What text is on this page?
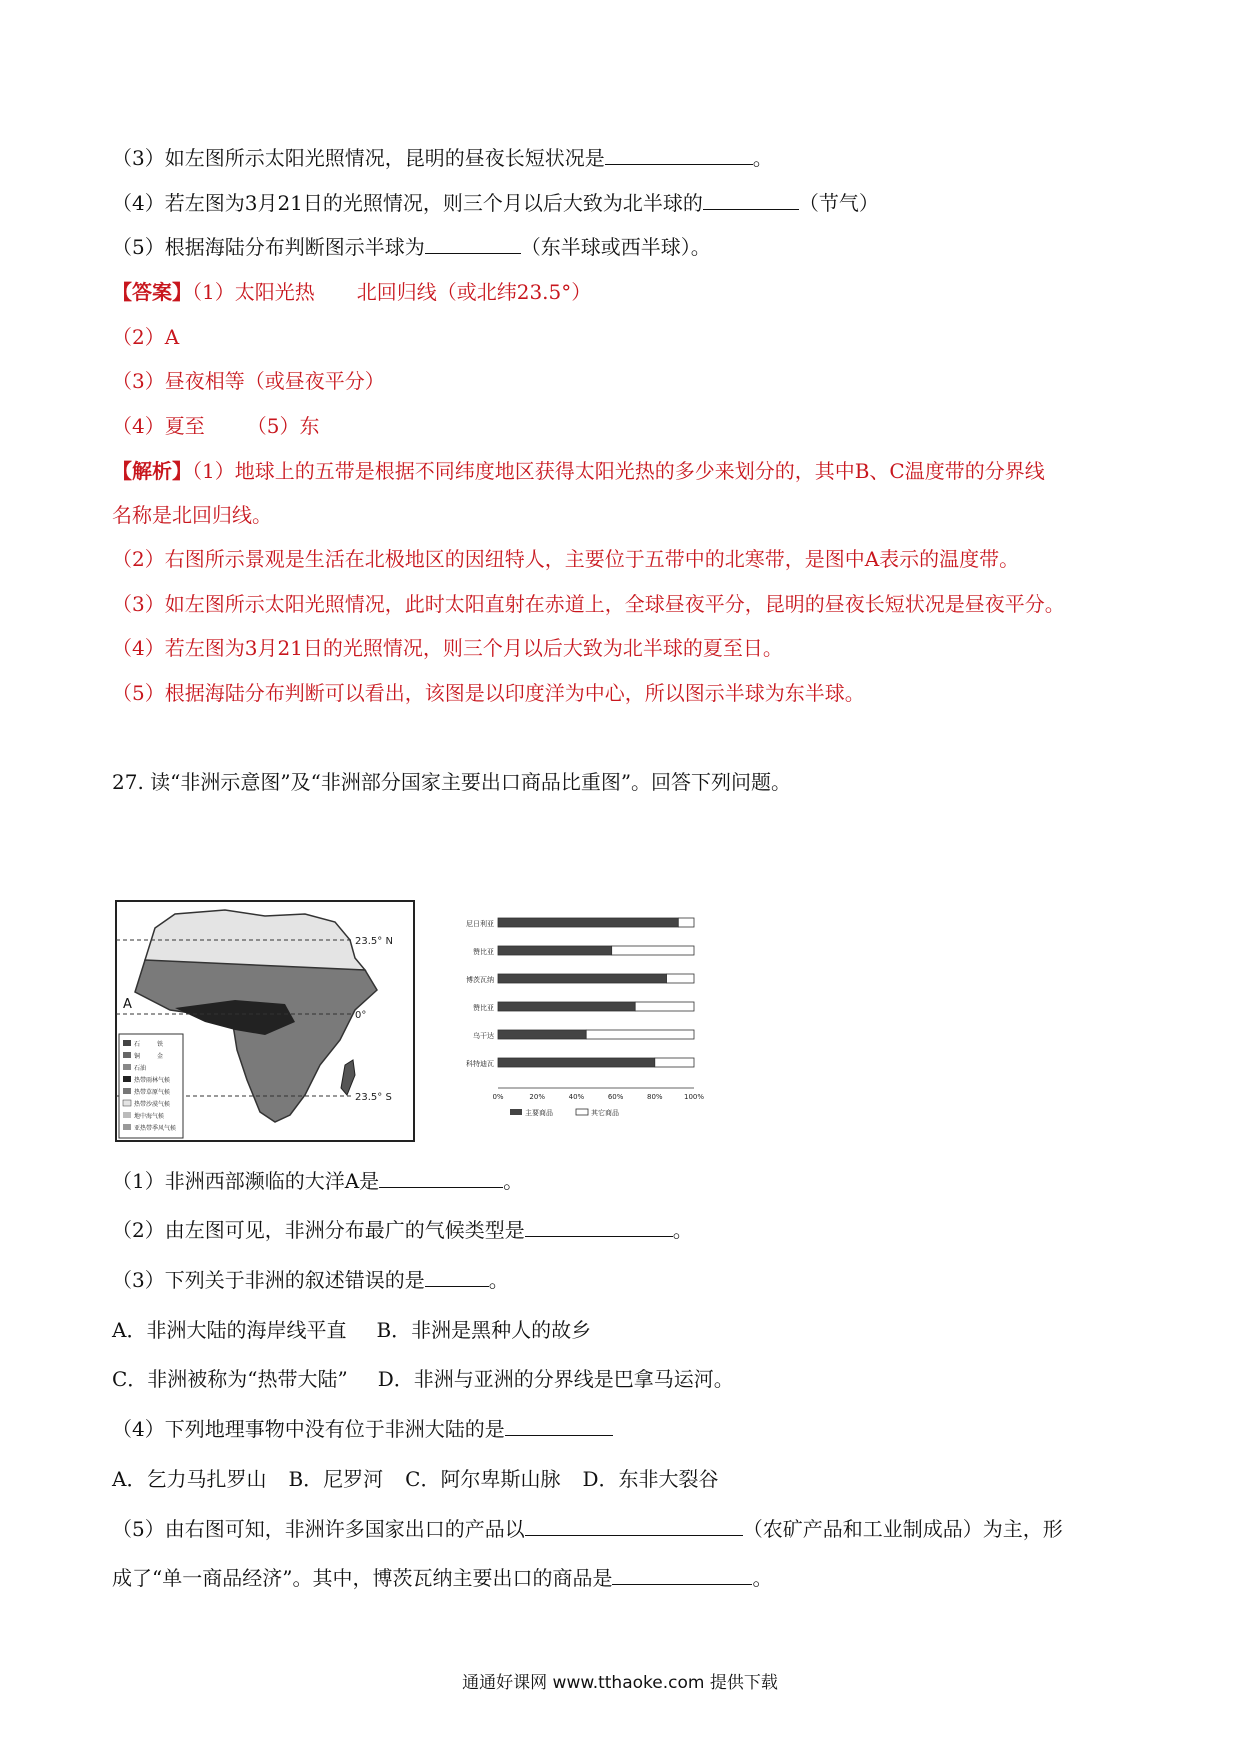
（3）如左图所示太阳光照情况，昆明的昼夜长短状况是	。
（4）若左图为3月21日的光照情况，则三个月以后大致为北半球的	（节气）
（5）根据海陆分布判断图示半球为	（东半球或西半球）。
【答案】（1）太阳光热 北回归线（或北纬23.5°）
（2）A
（3）昼夜相等（或昼夜平分）
（4）夏至 （5）东
【解析】（1）地球上的五带是根据不同纬度地区获得太阳光热的多少来划分的，其中B、C温度带的分界线
名称是北回归线。
（2）右图所示景观是生活在北极地区的因纽特人，主要位于五带中的北寒带，是图中A表示的温度带。
（3）如左图所示太阳光照情况，此时太阳直射在赤道上，全球昼夜平分，昆明的昼夜长短状况是昼夜平分。
（4）若左图为3月21日的光照情况，则三个月以后大致为北半球的夏至日。
（5）根据海陆分布判断可以看出，该图是以印度洋为中心，所以图示半球为东半球。
27. 读“非洲示意图”及“非洲部分国家主要出口商品比重图”。回答下列问题。
23.5° N
0°
23.5° S
A
石	铁
铜	金
石油
热带雨林气候
热带草原气候
热带沙漠气候
地中海气候
亚热带季风气候
尼日利亚
赞比亚
博茨瓦纳
赞比亚
乌干达
科特迪瓦
0%	20%	40%	60%	80%	100%
主要商品	其它商品
（1）非洲西部濒临的大洋A是	。
（2）由左图可见，非洲分布最广的气候类型是	。
（3）下列关于非洲的叙述错误的是	。
A．非洲大陆的海岸线平直 B．非洲是黑种人的故乡
C．非洲被称为“热带大陆” D．非洲与亚洲的分界线是巴拿马运河。
（4）下列地理事物中没有位于非洲大陆的是
A．乞力马扎罗山 B．尼罗河 C．阿尔卑斯山脉 D．东非大裂谷
（5）由右图可知，非洲许多国家出口的产品以	（农矿产品和工业制成品）为主，形
成了“单一商品经济”。其中，博茨瓦纳主要出口的商品是	。
通通好课网 www.tthaoke.com 提供下载
